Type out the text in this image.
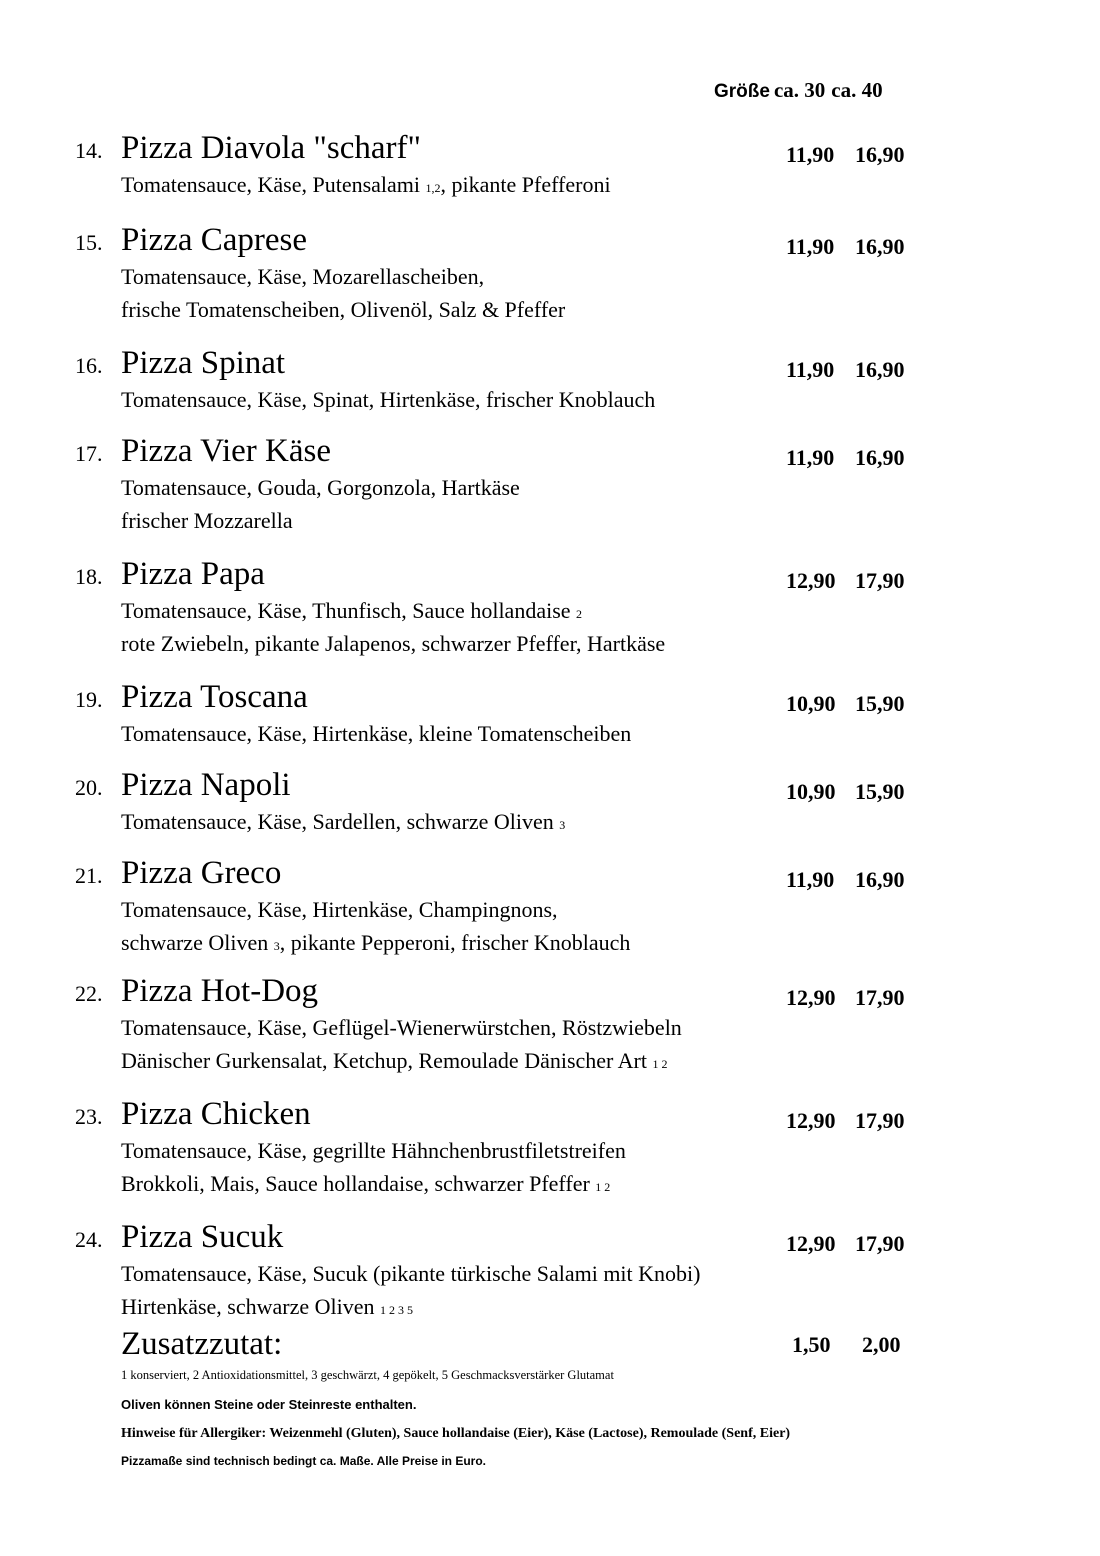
Größe ca. 30 ca. 40
14. Pizza Diavola "scharf"	11,90 16,90
Tomatensauce, Käse, Putensalami 1,2, pikante Pfefferoni
15. Pizza Caprese	11,90 16,90
Tomatensauce, Käse, Mozarellascheiben,
frische Tomatenscheiben, Olivenöl, Salz & Pfeffer
16. Pizza Spinat	11,90 16,90
Tomatensauce, Käse, Spinat, Hirtenkäse, frischer Knoblauch
17. Pizza Vier Käse	11,90 16,90
Tomatensauce, Gouda, Gorgonzola, Hartkäse
frischer Mozzarella
18. Pizza Papa	12,90 17,90
Tomatensauce, Käse, Thunfisch, Sauce hollandaise 2
rote Zwiebeln, pikante Jalapenos, schwarzer Pfeffer, Hartkäse
19. Pizza Toscana	10,90 15,90
Tomatensauce, Käse, Hirtenkäse, kleine Tomatenscheiben
20. Pizza Napoli	10,90 15,90
Tomatensauce, Käse, Sardellen, schwarze Oliven 3
21. Pizza Greco	11,90 16,90
Tomatensauce, Käse, Hirtenkäse, Champingnons,
schwarze Oliven 3, pikante Pepperoni, frischer Knoblauch
22. Pizza Hot-Dog	12,90 17,90
Tomatensauce, Käse, Geflügel-Wienerwürstchen, Röstzwiebeln
Dänischer Gurkensalat, Ketchup, Remoulade Dänischer Art 1 2
23. Pizza Chicken	12,90 17,90
Tomatensauce, Käse, gegrillte Hähnchenbrustfiletstreifen
Brokkoli, Mais, Sauce hollandaise, schwarzer Pfeffer 1 2
24. Pizza Sucuk	12,90 17,90
Tomatensauce, Käse, Sucuk (pikante türkische Salami mit Knobi)
Hirtenkäse, schwarze Oliven 1 2 3 5
Zusatzzutat:	1,50 2,00
1 konserviert, 2 Antioxidationsmittel, 3 geschwärzt, 4 gepökelt, 5 Geschmacksverstärker Glutamat
Oliven können Steine oder Steinreste enthalten.
Hinweise für Allergiker: Weizenmehl (Gluten), Sauce hollandaise (Eier), Käse (Lactose), Remoulade (Senf, Eier)
Pizzamaße sind technisch bedingt ca. Maße. Alle Preise in Euro.
